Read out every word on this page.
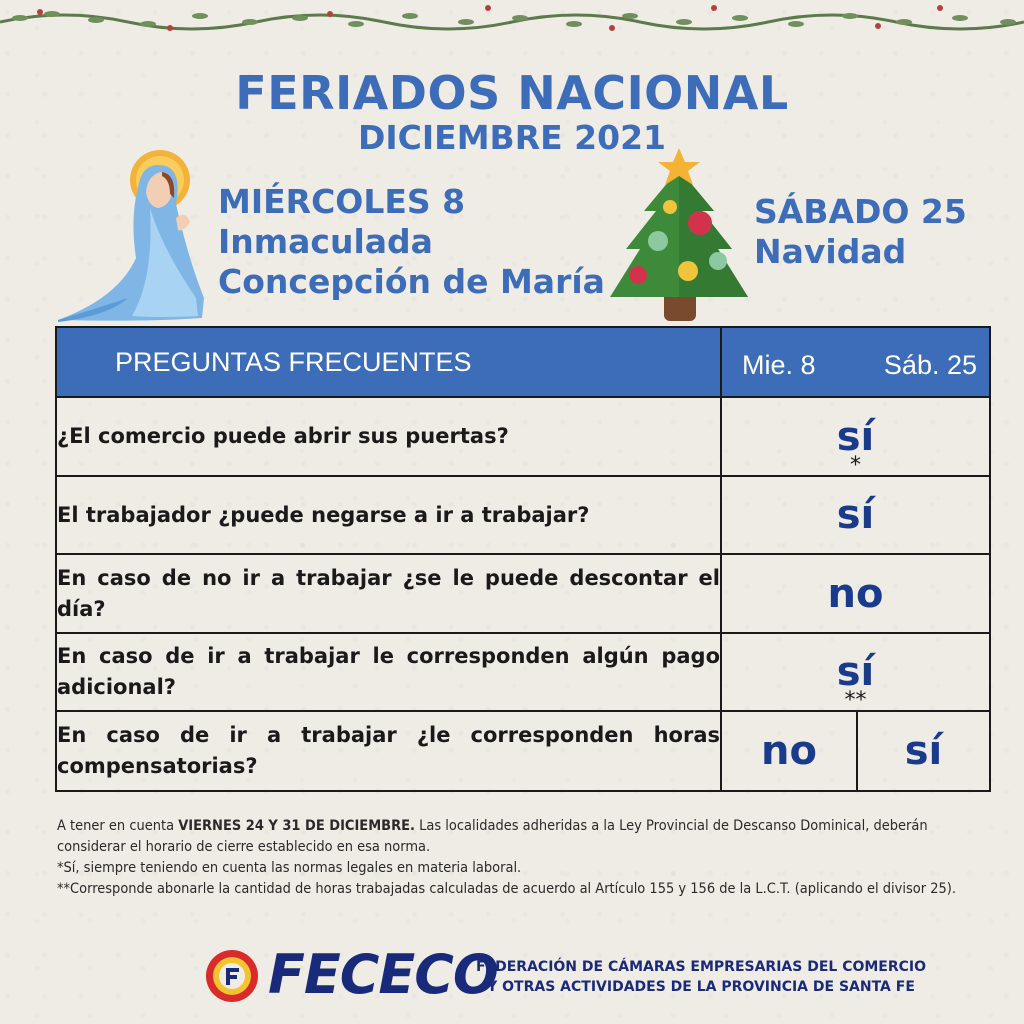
FERIADOS NACIONAL
DICIEMBRE 2021
MIÉRCOLES 8
Inmaculada
Concepción de María
SÁBADO 25
Navidad
PREGUNTAS FRECUENTES	Mie. 8 Sáb. 25	

¿El comercio puede abrir sus puertas?	sí
*	

El trabajador ¿puede negarse a ir a trabajar?	sí	
En caso de no ir a trabajar ¿se le puede descontar el día?	no	
En caso de ir a trabajar le corresponden algún pago adicional?	sí
**	

En caso de ir a trabajar ¿le corresponden horas compensatorias?	no	sí

A tener en cuenta VIERNES 24 Y 31 DE DICIEMBRE. Las localidades adheridas a la Ley Provincial de Descanso Dominical, deberán considerar el horario de cierre establecido en esa norma.

*Sí, siempre teniendo en cuenta las normas legales en materia laboral.

**Corresponde abonarle la cantidad de horas trabajadas calculadas de acuerdo al Artículo 155 y 156 de la L.C.T. (aplicando el divisor 25).

FECECO
FEDERACIÓN DE CÁMARAS EMPRESARIAS DEL COMERCIO
Y OTRAS ACTIVIDADES DE LA PROVINCIA DE SANTA FE
